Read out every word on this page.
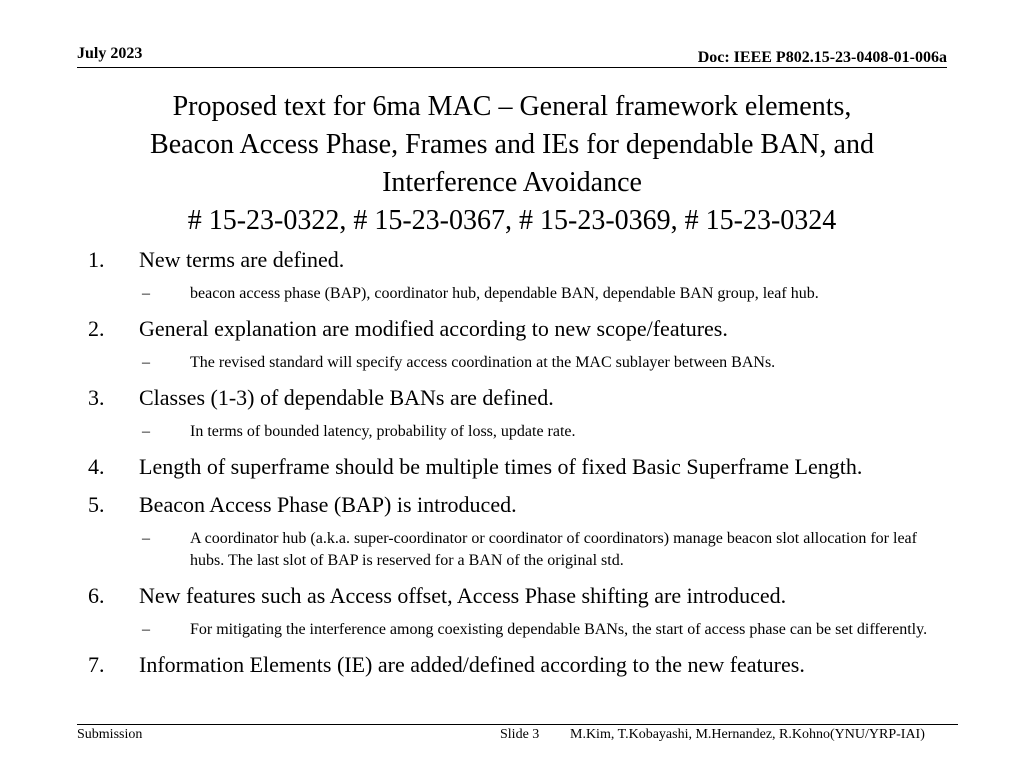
July 2023	Doc: IEEE P802.15-23-0408-01-006a
Proposed text for 6ma MAC – General framework elements,
Beacon Access Phase, Frames and IEs for dependable BAN, and
Interference Avoidance
# 15-23-0322, # 15-23-0367, # 15-23-0369, # 15-23-0324
1. New terms are defined.
–	beacon access phase (BAP), coordinator hub, dependable BAN, dependable BAN group, leaf hub.
2. General explanation are modified according to new scope/features.
–	The revised standard will specify access coordination at the MAC sublayer between BANs.
3. Classes (1-3) of dependable BANs are defined.
–	In terms of bounded latency, probability of loss, update rate.
4. Length of superframe should be multiple times of fixed Basic Superframe Length.
5. Beacon Access Phase (BAP) is introduced.
–	A coordinator hub (a.k.a. super-coordinator or coordinator of coordinators) manage beacon slot allocation for leaf hubs. The last slot of BAP is reserved for a BAN of the original std.
6. New features such as Access offset, Access Phase shifting are introduced.
–	For mitigating the interference among coexisting dependable BANs, the start of access phase can be set differently.
7. Information Elements (IE) are added/defined according to the new features.
Submission	Slide 3 M.Kim, T.Kobayashi, M.Hernandez, R.Kohno(YNU/YRP-IAI)
